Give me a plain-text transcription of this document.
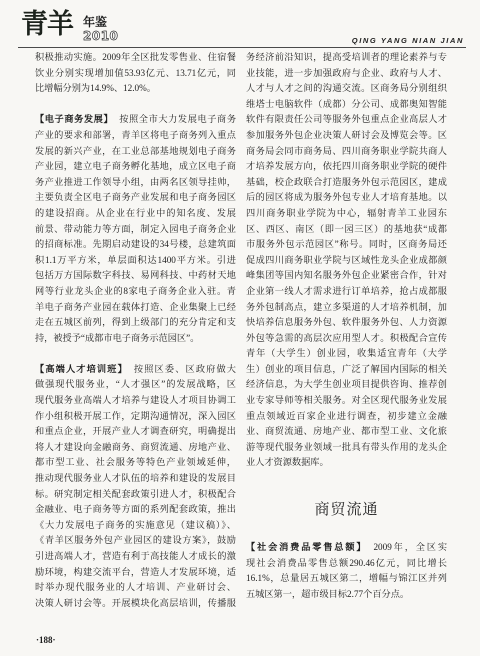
青羊 年鉴
2010	QING YANG NIAN JIAN
积极推动实施。2009年全区批发零售业、住宿餐
饮业分别实现增加值53.93亿元、13.71亿元，同
比增幅分别为14.9%、12.0%。
【电子商务发展】 按照全市大力发展电子商务
产业的要求和部署，青羊区将电子商务列入重点
发展的新兴产业，在工业总部基地规划电子商务
产业园，建立电子商务孵化基地，成立区电子商
务产业推进工作领导小组，由两名区领导挂帅，
主要负责全区电子商务产业发展和电子商务园区
的建设招商。从企业在行业中的知名度、发展
前景、带动能力等方面，制定入园电子商务企业
的招商标准。先期启动建设的34号楼，总建筑面
积1.1万平方米，单层面积达1400平方米。引进
包括万方国际数字科技、易网科技、中药材天地
网等行业龙头企业的8家电子商务企业入驻。青
羊电子商务产业园在载体打造、企业集聚上已经
走在五城区前列，得到上级部门的充分肯定和支
持，被授予“成都市电子商务示范园区”。
【高端人才培训班】 按照区委、区政府做大
做强现代服务业，“人才强区”的发展战略，区
现代服务业高端人才培养与建设人才项目协调工
作小组积极开展工作，定期沟通情况，深入园区
和重点企业，开展产业人才调查研究，明确提出
将人才建设向金融商务、商贸流通、房地产业、
都市型工业、社会服务等特色产业领域延伸，
推动现代服务业人才队伍的培养和建设的发展目
标。研究制定相关配套政策引进人才，积极配合
金融业、电子商务等方面的系列配套政策，推出
《大力发展电子商务的实施意见（建议稿）》、
《青羊区服务外包产业园区的建设方案》，鼓励
引进高端人才，营造有利于高技能人才成长的激
励环境，构建交流平台，营造人才发展环境，适
时举办现代服务业的人才培训、产业研讨会、
决策人研讨会等。开展模块化高层培训，传播服
务经济前沿知识，提高受培训者的理论素养与专
业技能，进一步加强政府与企业、政府与人才、
人才与人才之间的沟通交流。区商务局分别组织
维塔士电脑软件（成都）分公司、成都奥知智能
软件有限责任公司等服务外包重点企业高层人才
参加服务外包企业决策人研讨会及博览会等。区
商务局会同市商务局、四川商务职业学院共商人
才培养发展方向，依托四川商务职业学院的硬件
基础，校企政联合打造服务外包示范园区，建成
后的园区将成为服务外包专业人才培育基地。以
四川商务职业学院为中心，辐射青羊工业园东
区、西区、南区（即一园三区）的基地获“成都
市服务外包示范园区”称号。同时，区商务局还
促成四川商务职业学院与区域性龙头企业成都颜
峰集团等国内知名服务外包企业紧密合作，针对
企业第一线人才需求进行订单培养，抢占成都服
务外包制高点，建立多渠道的人才培养机制，加
快培养信息服务外包、软件服务外包、人力资源
外包等急需的高层次应用型人才。积极配合宣传
青年（大学生）创业园，收集适宜青年（大学
生）创业的项目信息，广泛了解国内国际的相关
经济信息，为大学生创业项目提供咨询、推荐创
业专家导师等相关服务。对全区现代服务业发展
重点领域近百家企业进行调查，初步建立金融
业、商贸流通、房地产业、都市型工业、文化旅
游等现代服务业领域一批具有带头作用的龙头企
业人才资源数据库。
商贸流通
【社会消费品零售总额】 2009年，全区实
现社会消费品零售总额290.46亿元，同比增长
16.1%，总量居五城区第二，增幅与锦江区并列
五城区第一，超市级目标2.77个百分点。
·188·
